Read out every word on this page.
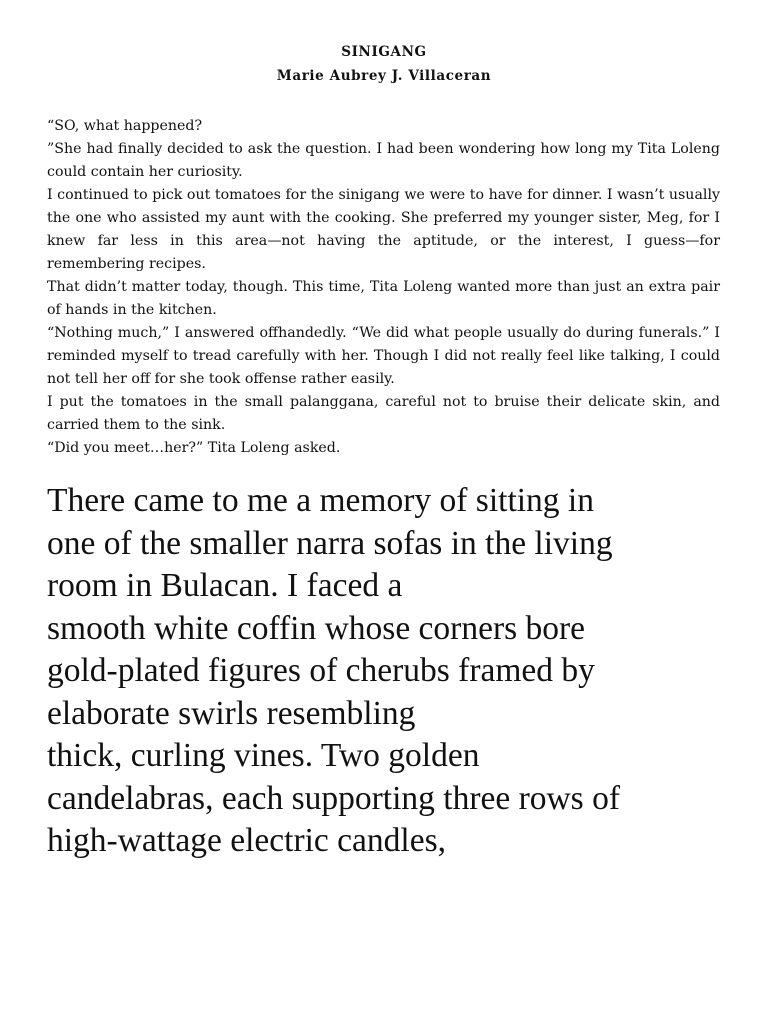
SINIGANG
Marie Aubrey J. Villaceran

“SO, what happened?

”She had finally decided to ask the question. I had been wondering how long my Tita Loleng could contain her curiosity.

I continued to pick out tomatoes for the sinigang we were to have for dinner. I wasn’t usually the one who assisted my aunt with the cooking. She preferred my younger sister, Meg, for I knew far less in this area—not having the aptitude, or the interest, I guess—for remembering recipes.

That didn’t matter today, though. This time, Tita Loleng wanted more than just an extra pair of hands in the kitchen.

“Nothing much,” I answered offhandedly. “We did what people usually do during funerals.” I reminded myself to tread carefully with her. Though I did not really feel like talking, I could not tell her off for she took offense rather easily.

I put the tomatoes in the small palanggana, careful not to bruise their delicate skin, and carried them to the sink.

“Did you meet…her?” Tita Loleng asked.

There came to me a memory of sitting in
one of the smaller narra sofas in the living
room in Bulacan. I faced a
smooth white coffin whose corners bore
gold-plated figures of cherubs framed by
elaborate swirls resembling
thick, curling vines. Two golden
candelabras, each supporting three rows of
high-wattage electric candles,
